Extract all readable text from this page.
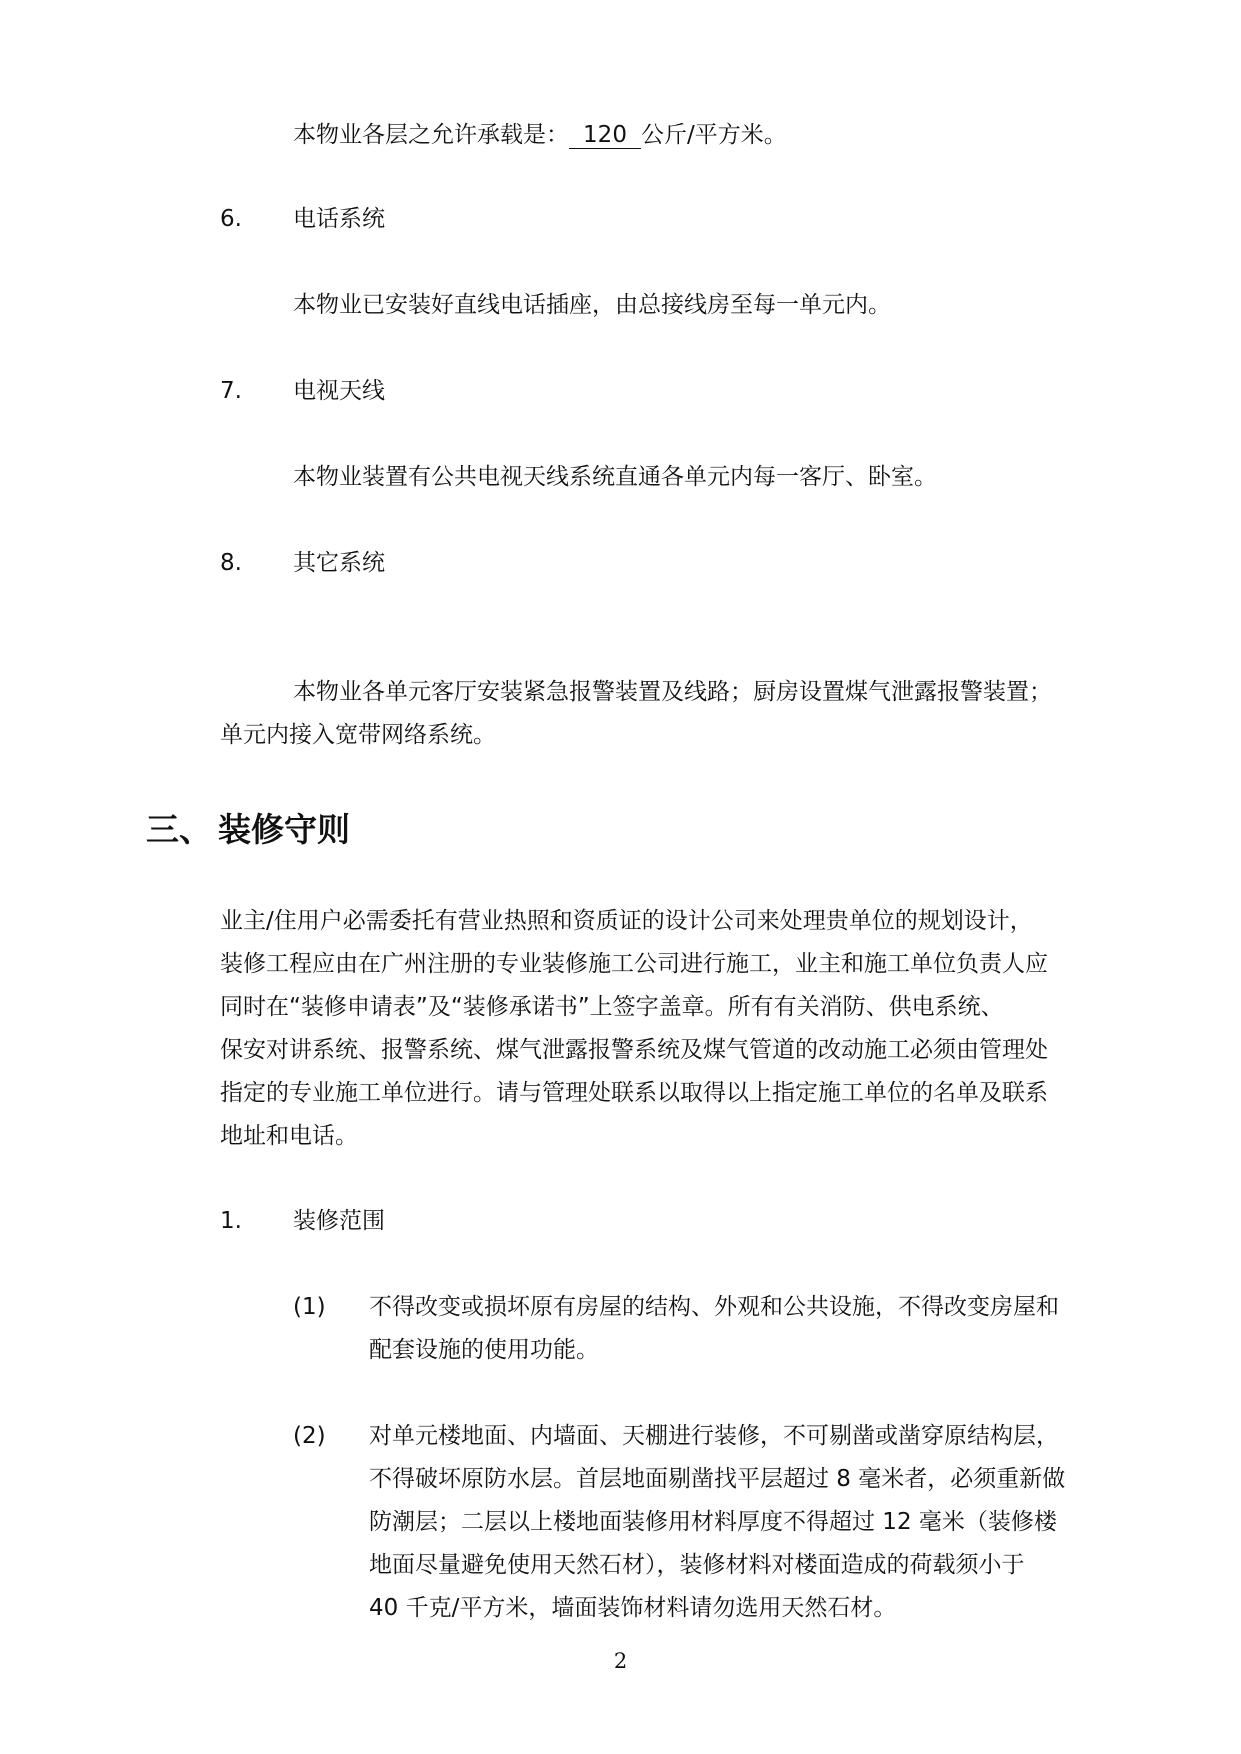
本物业各层之允许承载是： 120 公斤/平方米。

6. 电话系统

本物业已安装好直线电话插座，由总接线房至每一单元内。

7. 电视天线

本物业装置有公共电视天线系统直通各单元内每一客厅、卧室。

8. 其它系统

本物业各单元客厅安装紧急报警装置及线路；厨房设置煤气泄露报警装置；

单元内接入宽带网络系统。

三、 装修守则

业主/住用户必需委托有营业热照和资质证的设计公司来处理贵单位的规划设计，

装修工程应由在广州注册的专业装修施工公司进行施工，业主和施工单位负责人应

同时在“装修申请表”及“装修承诺书”上签字盖章。所有有关消防、供电系统、

保安对讲系统、报警系统、煤气泄露报警系统及煤气管道的改动施工必须由管理处

指定的专业施工单位进行。请与管理处联系以取得以上指定施工单位的名单及联系

地址和电话。

1. 装修范围

(1) 不得改变或损坏原有房屋的结构、外观和公共设施，不得改变房屋和

配套设施的使用功能。

(2) 对单元楼地面、内墙面、天棚进行装修，不可剔凿或凿穿原结构层，

不得破坏原防水层。首层地面剔凿找平层超过 8 毫米者，必须重新做

防潮层；二层以上楼地面装修用材料厚度不得超过 12 毫米（装修楼

地面尽量避免使用天然石材），装修材料对楼面造成的荷载须小于

40 千克/平方米，墙面装饰材料请勿选用天然石材。

2
